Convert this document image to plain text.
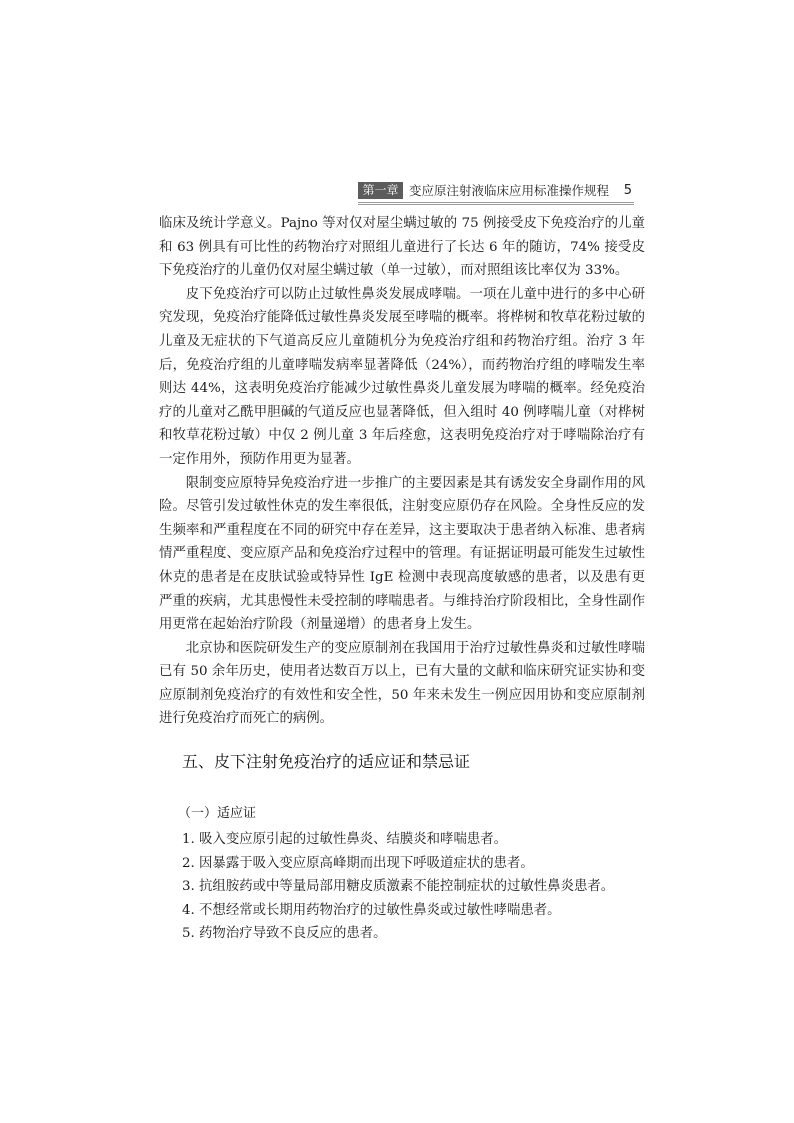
第一章 变应原注射液临床应用标准操作规程 5

临床及统计学意义。Pajno 等对仅对屋尘螨过敏的 75 例接受皮下免疫治疗的儿童和 63 例具有可比性的药物治疗对照组儿童进行了长达 6 年的随访，74% 接受皮下免疫治疗的儿童仍仅对屋尘螨过敏（单一过敏），而对照组该比率仅为 33%。

皮下免疫治疗可以防止过敏性鼻炎发展成哮喘。一项在儿童中进行的多中心研究发现，免疫治疗能降低过敏性鼻炎发展至哮喘的概率。将桦树和牧草花粉过敏的儿童及无症状的下气道高反应儿童随机分为免疫治疗组和药物治疗组。治疗 3 年后，免疫治疗组的儿童哮喘发病率显著降低（24%），而药物治疗组的哮喘发生率则达 44%，这表明免疫治疗能减少过敏性鼻炎儿童发展为哮喘的概率。经免疫治疗的儿童对乙酰甲胆碱的气道反应也显著降低，但入组时 40 例哮喘儿童（对桦树和牧草花粉过敏）中仅 2 例儿童 3 年后痊愈，这表明免疫治疗对于哮喘除治疗有一定作用外，预防作用更为显著。

限制变应原特异免疫治疗进一步推广的主要因素是其有诱发安全身副作用的风险。尽管引发过敏性休克的发生率很低，注射变应原仍存在风险。全身性反应的发生频率和严重程度在不同的研究中存在差异，这主要取决于患者纳入标准、患者病情严重程度、变应原产品和免疫治疗过程中的管理。有证据证明最可能发生过敏性休克的患者是在皮肤试验或特异性 IgE 检测中表现高度敏感的患者，以及患有更严重的疾病，尤其患慢性未受控制的哮喘患者。与维持治疗阶段相比，全身性副作用更常在起始治疗阶段（剂量递增）的患者身上发生。

北京协和医院研发生产的变应原制剂在我国用于治疗过敏性鼻炎和过敏性哮喘已有 50 余年历史，使用者达数百万以上，已有大量的文献和临床研究证实协和变应原制剂免疫治疗的有效性和安全性，50 年来未发生一例应因用协和变应原制剂进行免疫治疗而死亡的病例。

五、皮下注射免疫治疗的适应证和禁忌证
（一）适应证
1. 吸入变应原引起的过敏性鼻炎、结膜炎和哮喘患者。
2. 因暴露于吸入变应原高峰期而出现下呼吸道症状的患者。
3. 抗组胺药或中等量局部用糖皮质激素不能控制症状的过敏性鼻炎患者。
4. 不想经常或长期用药物治疗的过敏性鼻炎或过敏性哮喘患者。
5. 药物治疗导致不良反应的患者。
